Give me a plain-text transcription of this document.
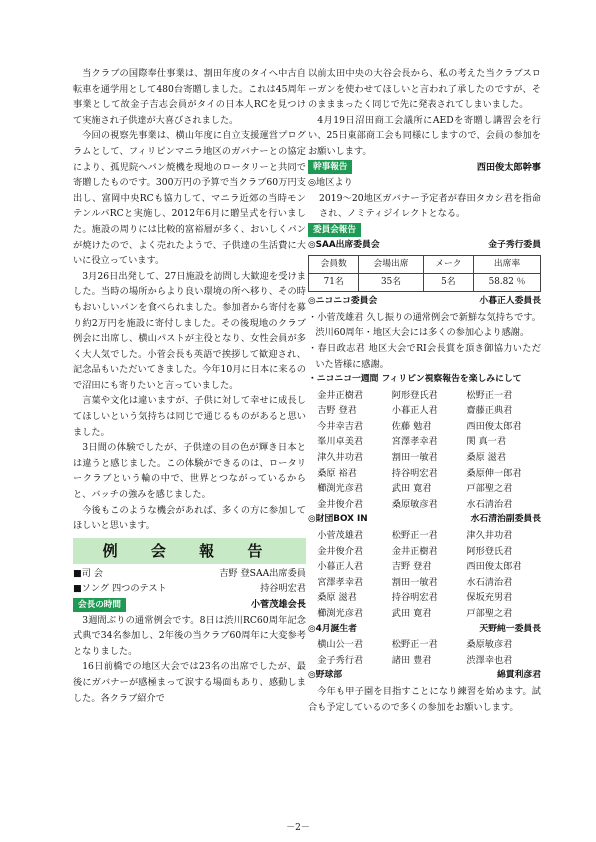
当クラブの国際奉仕事業は、割田年度のタイへ中古自転車を通学用として480台寄贈しました。これは45周年事業として故金子吉志会員がタイの日本人RCを見つけて実施され子供達が大喜びされました。

今回の視察先事業は、横山年度に自立支援運営プログラムとして、フィリピンマニラ地区のガバナーとの協定により、孤児院へパン焼機を現地のロータリーと共同で寄贈したものです。300万円の予算で当クラブ60万円支出し、富岡中央RCも協力して、マニラ近郊の当時モンテンルパRCと実施し、2012年6月に贈呈式を行いました。施設の周りには比較的富裕層が多く、おいしくパンが焼けたので、よく売れたようで、子供達の生活費に大いに役立っています。

3月26日出発して、27日施設を訪問し大歓迎を受けました。当時の場所からより良い環境の所へ移り、その時もおいしいパンを食べられました。参加者から寄付を募り約2万円を施設に寄付しました。その後現地のクラブ例会に出席し、横山パストが主役となり、女性会員が多く大人気でした。小菅会長も英語で挨拶して歓迎され、記念品もいただいてきました。今年10月に日本に来るので沼田にも寄りたいと言っていました。

言葉や文化は違いますが、子供に対して幸せに成長してほしいという気持ちは同じで通じるものがあると思いました。

3日間の体験でしたが、子供達の目の色が輝き日本とは違うと感じました。この体験ができるのは、ロータリークラブという輪の中で、世界とつながっているからと、バッチの強みを感じました。

今後もこのような機会があれば、多くの方に参加してほしいと思います。

例 会 報 告
■司 会	吉野 登SAA出席委員
■ソング 四つのテスト	持谷明宏君
会長の時間	小菅茂雄会長

3週間ぶりの通常例会です。8日は渋川RC60周年記念式典で34名参加し、2年後の当クラブ60周年に大変参考となりました。

16日前橋での地区大会では23名の出席でしたが、最後にガバナーが感極まって涙する場面もあり、感動しました。各クラブ紹介で

以前太田中央の大谷会長から、私の考えた当クラブスローガンを使わせてほしいと言われ了承したのですが、そのまままったく同じで先に発表されてしまいました。

4月19日沼田商工会議所にAEDを寄贈し講習会を行い、25日東部商工会も同様にしますので、会員の参加をお願いします。

幹事報告	西田俊太郎幹事
◎地区より

2019～20地区ガバナー予定者が春田タカシ君を指命され、ノミティジイレクトとなる。

委員会報告
◎SAA出席委員会	金子秀行委員
会員数	会場出席	メーク	出席率
71名	35名	5名	58.82 ％
◎ニコニコ委員会	小暮正人委員長

・小菅茂雄君 久し振りの通常例会で新鮮な気持ちです。渋川60周年・地区大会には多くの参加心より感謝。

・春日政志君 地区大会でRI会長賞を頂き御協力いただいた皆様に感謝。

・ニコニコ一週間 フィリピン視察報告を楽しみにして

金井正樹君	阿形登氏君	松野正一君
吉野 登君	小暮正人君	齋藤正典君
今井幸吉君	佐藤 勉君	西田俊太郎君
峯川卓美君	宮澤孝幸君	関 真一君
津久井功君	割田一敏君	桑原 滋君
桑原 裕君	持谷明宏君	桑原伸一郎君
櫛渕光彦君	武田 寛君	戸部聖之君
金井俊介君	桑原敏彦君	水石清治君
◎財団BOX IN	水石清治副委員長
小菅茂雄君	松野正一君	津久井功君
金井俊介君	金井正樹君	阿形登氏君
小暮正人君	吉野 登君	西田俊太郎君
宮澤孝幸君	割田一敏君	水石清治君
桑原 滋君	持谷明宏君	保坂充男君
櫛渕光彦君	武田 寛君	戸部聖之君
◎4月誕生者	天野純一委員長
横山公一君	松野正一君	桑原敏彦君
金子秀行君	諸田 豊君	渋澤幸也君
◎野球部	綿貫利彦君

今年も甲子園を目指すことになり練習を始めます。試合も予定しているので多くの参加をお願いします。

－2－
